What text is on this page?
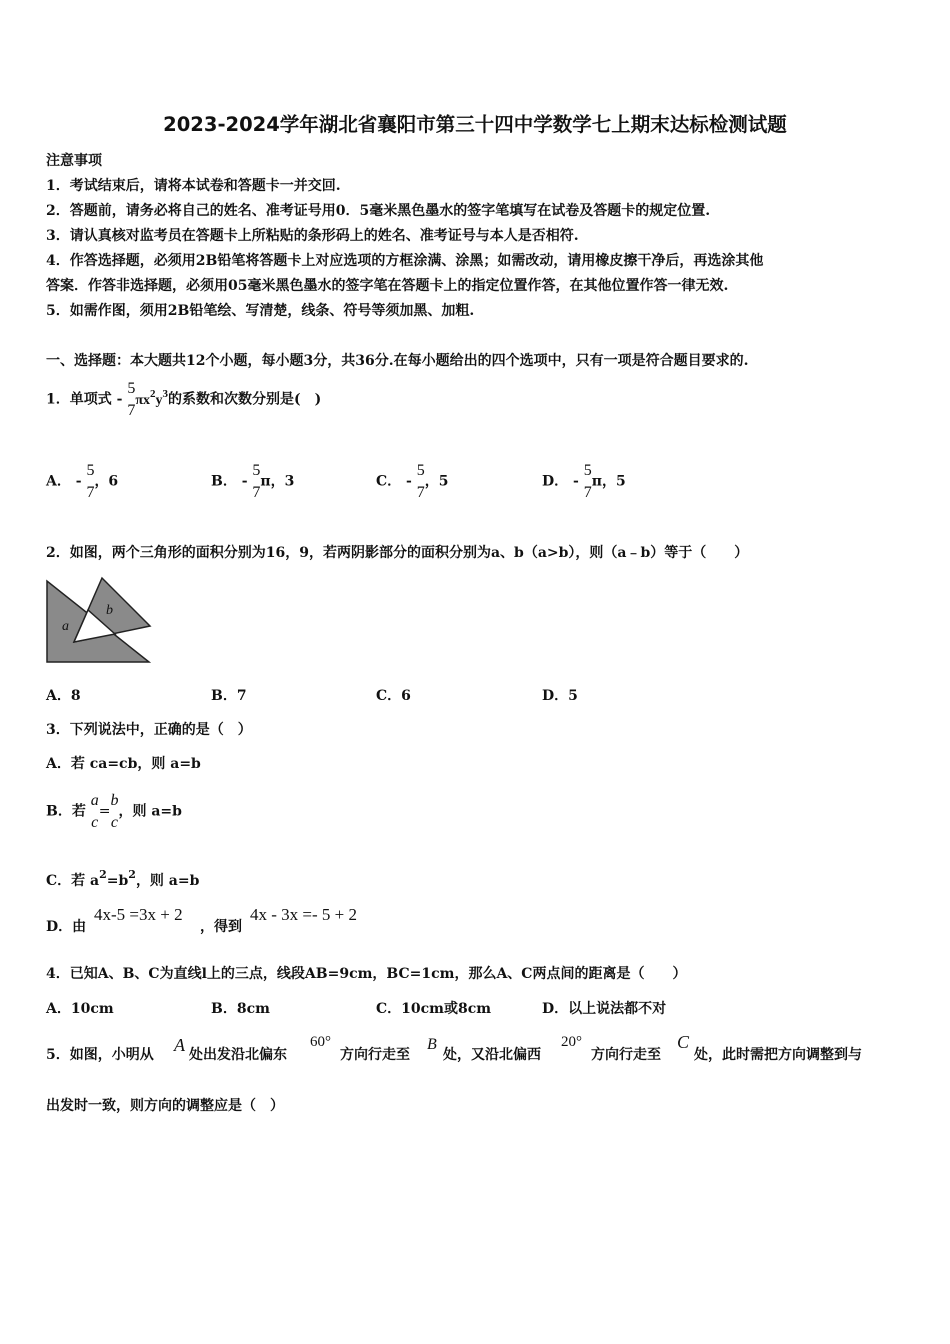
2023-2024学年湖北省襄阳市第三十四中学数学七上期末达标检测试题
注意事项
1．考试结束后，请将本试卷和答题卡一并交回.
2．答题前，请务必将自己的姓名、准考证号用0．5毫米黑色墨水的签字笔填写在试卷及答题卡的规定位置.
3．请认真核对监考员在答题卡上所粘贴的条形码上的姓名、准考证号与本人是否相符.
4．作答选择题，必须用2B铅笔将答题卡上对应选项的方框涂满、涂黑；如需改动，请用橡皮擦干净后，再选涂其他
答案．作答非选择题，必须用05毫米黑色墨水的签字笔在答题卡上的指定位置作答，在其他位置作答一律无效.
5．如需作图，须用2B铅笔绘、写清楚，线条、符号等须加黑、加粗.
一、选择题：本大题共12个小题，每小题3分，共36分.在每小题给出的四个选项中，只有一项是符合题目要求的.
1．单项式 -
5
7
$\pi x^2y^3$的系数和次数分别是(　)
A． -
5
7
，6	B． -
5
7
π，3	C． -
5
7
，5	D． -
5
7
π，5
2．如图，两个三角形的面积分别为16，9，若两阴影部分的面积分别为a、b（a>b），则（a﹣b）等于（　　）
a
b
A．8	B．7	C．6	D．5
3．下列说法中，正确的是（　）
A．若 ca=cb，则 a=b
B．若
a
c
=
b
c
，则 a=b
C．若 $a^2=b^2$，则 a=b
D．由
4x-5 =3x + 2
，得到
4x - 3x =- 5 + 2
4．已知A、B、C为直线l上的三点，线段AB=9cm，BC=1cm，那么A、C两点间的距离是（　　）
A．10cm	B．8cm	C．10cm或8cm	D．以上说法都不对
5．如图，小明从 A 处出发沿北偏东
60°
方向行走至
B
处，又沿北偏西
20°
方向行走至
C
处，此时需把方向调整到与
出发时一致，则方向的调整应是（　）
